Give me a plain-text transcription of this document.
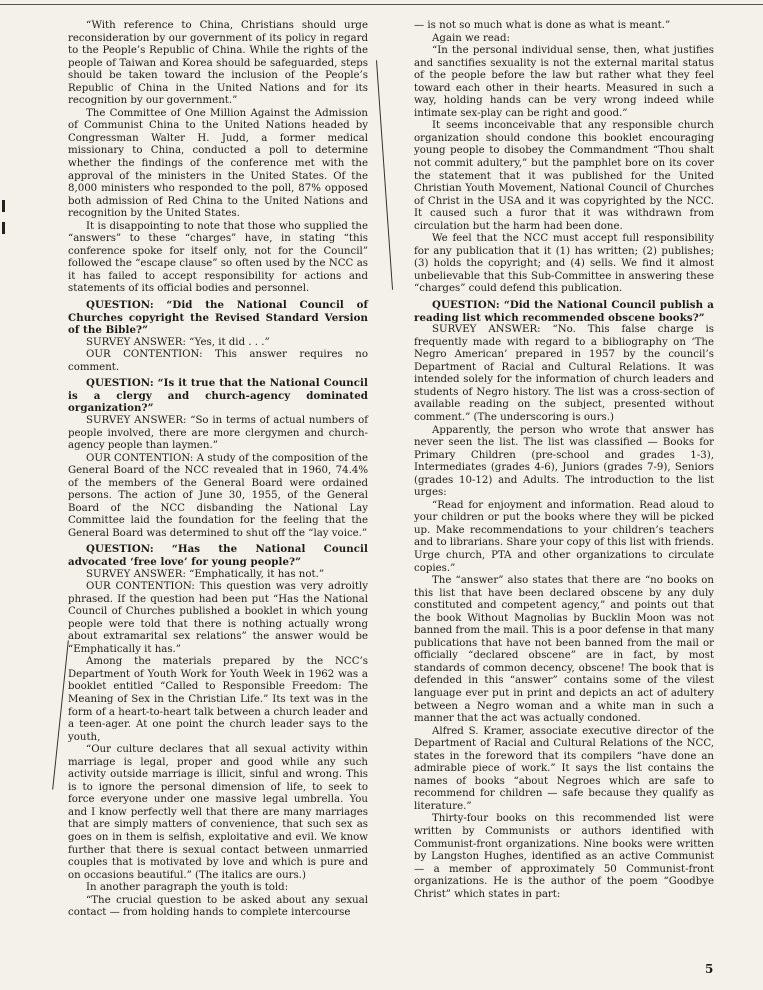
“With reference to China, Christians should urge reconsideration by our government of its policy in regard to the People’s Republic of China. While the rights of the people of Taiwan and Korea should be safeguarded, steps should be taken toward the inclusion of the People’s Republic of China in the United Nations and for its recognition by our government.”

The Committee of One Million Against the Admission of Communist China to the United Nations headed by Congressman Walter H. Judd, a former medical missionary to China, conducted a poll to determine whether the findings of the conference met with the approval of the ministers in the United States. Of the 8,000 ministers who responded to the poll, 87% opposed both admission of Red China to the United Nations and recognition by the United States.

It is disappointing to note that those who supplied the “answers” to these “charges” have, in stating “this conference spoke for itself only, not for the Council” followed the “escape clause” so often used by the NCC as it has failed to accept responsibility for actions and statements of its official bodies and personnel.

QUESTION: “Did the National Council of Churches copyright the Revised Standard Version of the Bible?”

SURVEY ANSWER: “Yes, it did . . .”

OUR CONTENTION: This answer requires no comment.

QUESTION: “Is it true that the National Council is a clergy and church-agency dominated organization?”

SURVEY ANSWER: “So in terms of actual numbers of people involved, there are more clergymen and church-agency people than laymen.”

OUR CONTENTION: A study of the composition of the General Board of the NCC revealed that in 1960, 74.4% of the members of the General Board were ordained persons. The action of June 30, 1955, of the General Board of the NCC disbanding the National Lay Committee laid the foundation for the feeling that the General Board was determined to shut off the “lay voice.”

QUESTION: “Has the National Council advocated ‘free love’ for young people?”

SURVEY ANSWER: “Emphatically, it has not.”

OUR CONTENTION: This question was very adroitly phrased. If the question had been put “Has the National Council of Churches published a booklet in which young people were told that there is nothing actually wrong about extramarital sex relations” the answer would be “Emphatically it has.”

Among the materials prepared by the NCC’s Department of Youth Work for Youth Week in 1962 was a booklet entitled “Called to Responsible Freedom: The Meaning of Sex in the Christian Life.” Its text was in the form of a heart-to-heart talk between a church leader and a teen-ager. At one point the church leader says to the youth,

“Our culture declares that all sexual activity within marriage is legal, proper and good while any such activity outside marriage is illicit, sinful and wrong. This is to ignore the personal dimension of life, to seek to force everyone under one massive legal umbrella. You and I know perfectly well that there are many marriages that are simply matters of convenience, that such sex as goes on in them is selfish, exploitative and evil. We know further that there is sexual contact between unmarried couples that is motivated by love and which is pure and on occasions beautiful.” (The italics are ours.)

In another paragraph the youth is told:

“The crucial question to be asked about any sexual contact — from holding hands to complete intercourse

— is not so much what is done as what is meant.”

Again we read:

“In the personal individual sense, then, what justifies and sanctifies sexuality is not the external marital status of the people before the law but rather what they feel toward each other in their hearts. Measured in such a way, holding hands can be very wrong indeed while intimate sex-play can be right and good.”

It seems inconceivable that any responsible church organization should condone this booklet encouraging young people to disobey the Commandment “Thou shalt not commit adultery,” but the pamphlet bore on its cover the statement that it was published for the United Christian Youth Movement, National Council of Churches of Christ in the USA and it was copyrighted by the NCC. It caused such a furor that it was withdrawn from circulation but the harm had been done.

We feel that the NCC must accept full responsibility for any publication that it (1) has written; (2) publishes; (3) holds the copyright; and (4) sells. We find it almost unbelievable that this Sub-Committee in answering these “charges” could defend this publication.

QUESTION: “Did the National Council publish a reading list which recommended obscene books?”

SURVEY ANSWER: “No. This false charge is frequently made with regard to a bibliography on ‘The Negro American’ prepared in 1957 by the council’s Department of Racial and Cultural Relations. It was intended solely for the information of church leaders and students of Negro history. The list was a cross-section of available reading on the subject, presented without comment.” (The underscoring is ours.)

Apparently, the person who wrote that answer has never seen the list. The list was classified — Books for Primary Children (pre-school and grades 1-3), Intermediates (grades 4-6), Juniors (grades 7-9), Seniors (grades 10-12) and Adults. The introduction to the list urges:

“Read for enjoyment and information. Read aloud to your children or put the books where they will be picked up. Make recommendations to your children’s teachers and to librarians. Share your copy of this list with friends. Urge church, PTA and other organizations to circulate copies.”

The “answer” also states that there are “no books on this list that have been declared obscene by any duly constituted and competent agency,” and points out that the book Without Magnolias by Bucklin Moon was not banned from the mail. This is a poor defense in that many publications that have not been banned from the mail or officially “declared obscene” are in fact, by most standards of common decency, obscene! The book that is defended in this “answer” contains some of the vilest language ever put in print and depicts an act of adultery between a Negro woman and a white man in such a manner that the act was actually condoned.

Alfred S. Kramer, associate executive director of the Department of Racial and Cultural Relations of the NCC, states in the foreword that its compilers “have done an admirable piece of work.” It says the list contains the names of books “about Negroes which are safe to recommend for children — safe because they qualify as literature.”

Thirty-four books on this recommended list were written by Communists or authors identified with Communist-front organizations. Nine books were written by Langston Hughes, identified as an active Communist — a member of approximately 50 Communist-front organizations. He is the author of the poem “Goodbye Christ” which states in part:

5
